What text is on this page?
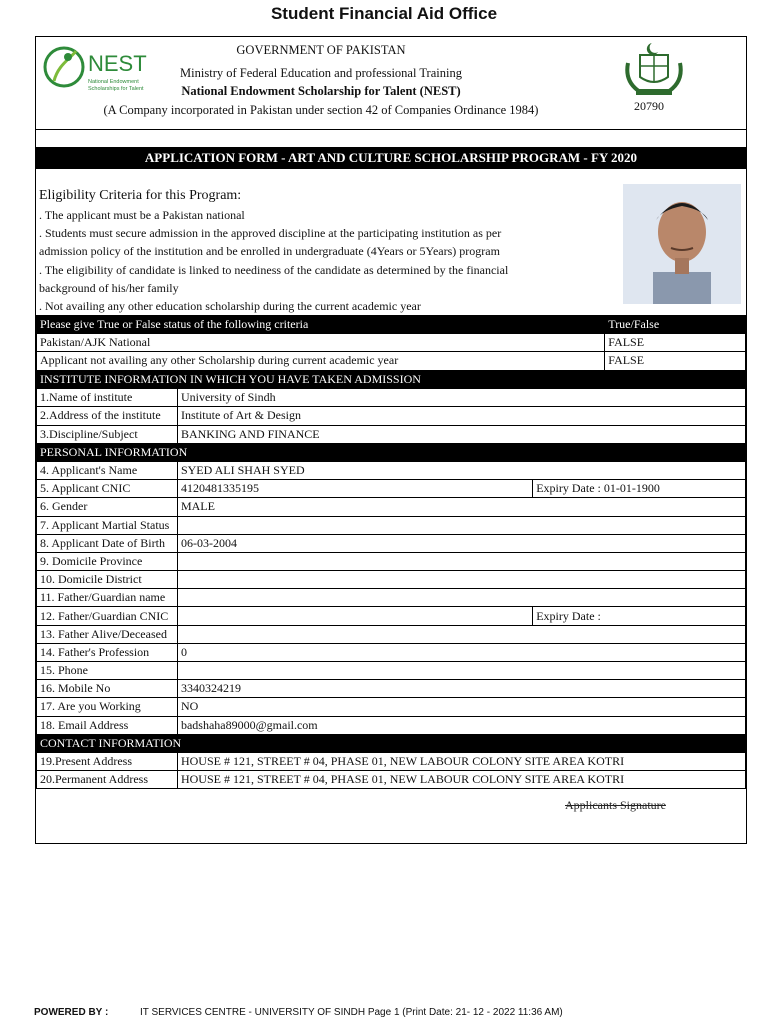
Student Financial Aid Office
NEST
National Endowment
Scholarships for Talent
GOVERNMENT OF PAKISTAN
Ministry of Federal Education and professional Training
National Endowment Scholarship for Talent (NEST)
(A Company incorporated in Pakistan under section 42 of Companies Ordinance 1984)	20790
APPLICATION FORM - ART AND CULTURE SCHOLARSHIP PROGRAM - FY 2020
Eligibility Criteria for this Program:
. The applicant must be a Pakistan national
. Students must secure admission in the approved discipline at the participating institution as per
admission policy of the institution and be enrolled in undergraduate (4Years or 5Years) program
. The eligibility of candidate is linked to neediness of the candidate as determined by the financial
background of his/her family
. Not availing any other education scholarship during the current academic year
Please give True or False status of the following criteria	True/False
Pakistan/AJK National	FALSE
Applicant not availing any other Scholarship during current academic year	FALSE
INSTITUTE INFORMATION IN WHICH YOU HAVE TAKEN ADMISSION		
1.Name of institute	University of Sindh	
2.Address of the institute	Institute of Art & Design	
3.Discipline/Subject	BANKING AND FINANCE	
PERSONAL INFORMATION		
4. Applicant's Name	SYED ALI SHAH SYED	
5. Applicant CNIC	4120481335195	Expiry Date : 01-01-1900
6. Gender	MALE	
7. Applicant Martial Status		
8. Applicant Date of Birth	06-03-2004	
9. Domicile Province		
10. Domicile District		
11. Father/Guardian name		
12. Father/Guardian CNIC		Expiry Date :
13. Father Alive/Deceased		
14. Father's Profession	0	
15. Phone		
16. Mobile No	3340324219	
17. Are you Working	NO	
18. Email Address	badshaha89000@gmail.com	
CONTACT INFORMATION		
19.Present Address	HOUSE # 121, STREET # 04, PHASE 01, NEW LABOUR COLONY SITE AREA KOTRI	
20.Permanent Address	HOUSE # 121, STREET # 04, PHASE 01, NEW LABOUR COLONY SITE AREA KOTRI	
Applicants Signature
POWERED BY :	IT SERVICES CENTRE - UNIVERSITY OF SINDH Page 1 (Print Date: 21- 12 - 2022 11:36 AM)
